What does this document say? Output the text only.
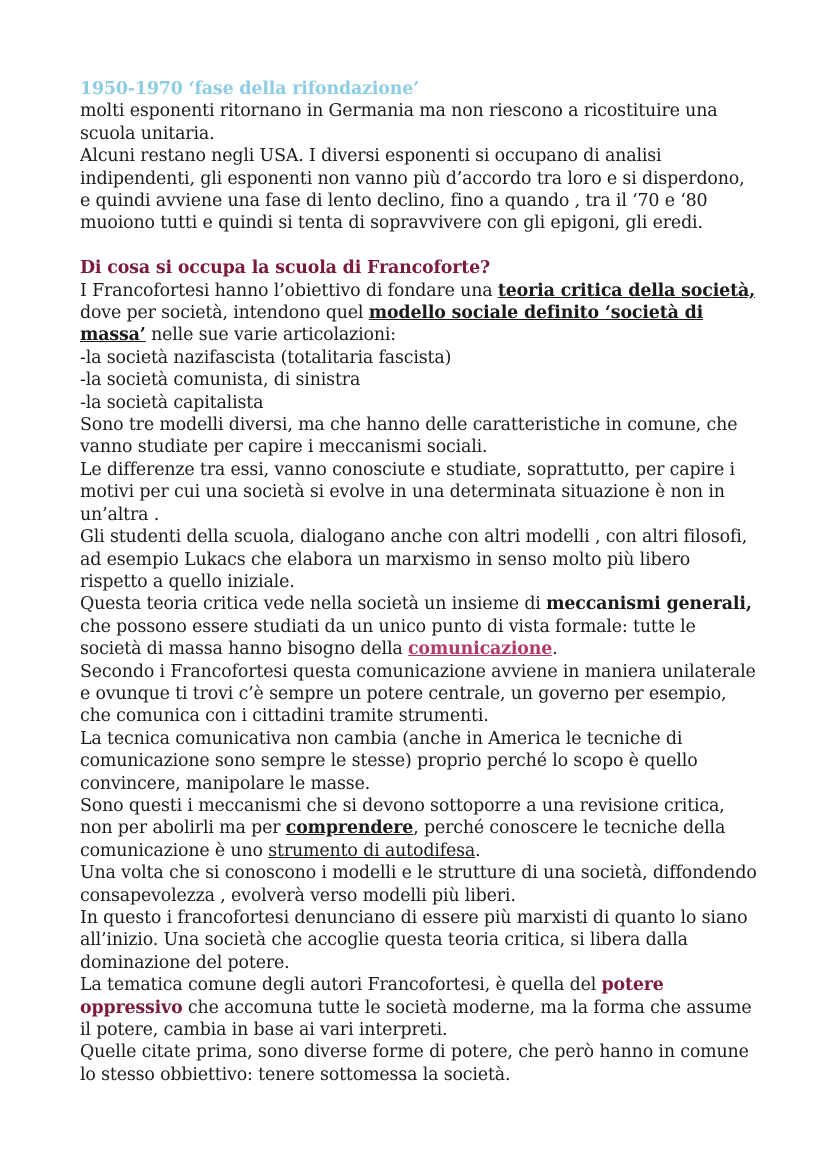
1950-1970 ‘fase della rifondazione’

molti esponenti ritornano in Germania ma non riescono a ricostituire una scuola unitaria.

Alcuni restano negli USA. I diversi esponenti si occupano di analisi indipendenti, gli esponenti non vanno più d’accordo tra loro e si disperdono, e quindi avviene una fase di lento declino, fino a quando , tra il ‘70 e ‘80 muoiono tutti e quindi si tenta di sopravvivere con gli epigoni, gli eredi.

Di cosa si occupa la scuola di Francoforte?

I Francofortesi hanno l’obiettivo di fondare una teoria critica della società, dove per società, intendono quel modello sociale definito ‘società di massa’ nelle sue varie articolazioni:

-la società nazifascista (totalitaria fascista)

-la società comunista, di sinistra

-la società capitalista

Sono tre modelli diversi, ma che hanno delle caratteristiche in comune, che vanno studiate per capire i meccanismi sociali.

Le differenze tra essi, vanno conosciute e studiate, soprattutto, per capire i motivi per cui una società si evolve in una determinata situazione è non in un’altra .

Gli studenti della scuola, dialogano anche con altri modelli , con altri filosofi, ad esempio Lukacs che elabora un marxismo in senso molto più libero rispetto a quello iniziale.

Questa teoria critica vede nella società un insieme di meccanismi generali, che possono essere studiati da un unico punto di vista formale: tutte le società di massa hanno bisogno della comunicazione.

Secondo i Francofortesi questa comunicazione avviene in maniera unilaterale e ovunque ti trovi c’è sempre un potere centrale, un governo per esempio, che comunica con i cittadini tramite strumenti.

La tecnica comunicativa non cambia (anche in America le tecniche di comunicazione sono sempre le stesse) proprio perché lo scopo è quello convincere, manipolare le masse.

Sono questi i meccanismi che si devono sottoporre a una revisione critica, non per abolirli ma per comprendere, perché conoscere le tecniche della comunicazione è uno strumento di autodifesa.

Una volta che si conoscono i modelli e le strutture di una società, diffondendo consapevolezza , evolverà verso modelli più liberi.

In questo i francofortesi denunciano di essere più marxisti di quanto lo siano all’inizio. Una società che accoglie questa teoria critica, si libera dalla dominazione del potere.

La tematica comune degli autori Francofortesi, è quella del potere oppressivo che accomuna tutte le società moderne, ma la forma che assume il potere, cambia in base ai vari interpreti.

Quelle citate prima, sono diverse forme di potere, che però hanno in comune lo stesso obbiettivo: tenere sottomessa la società.
